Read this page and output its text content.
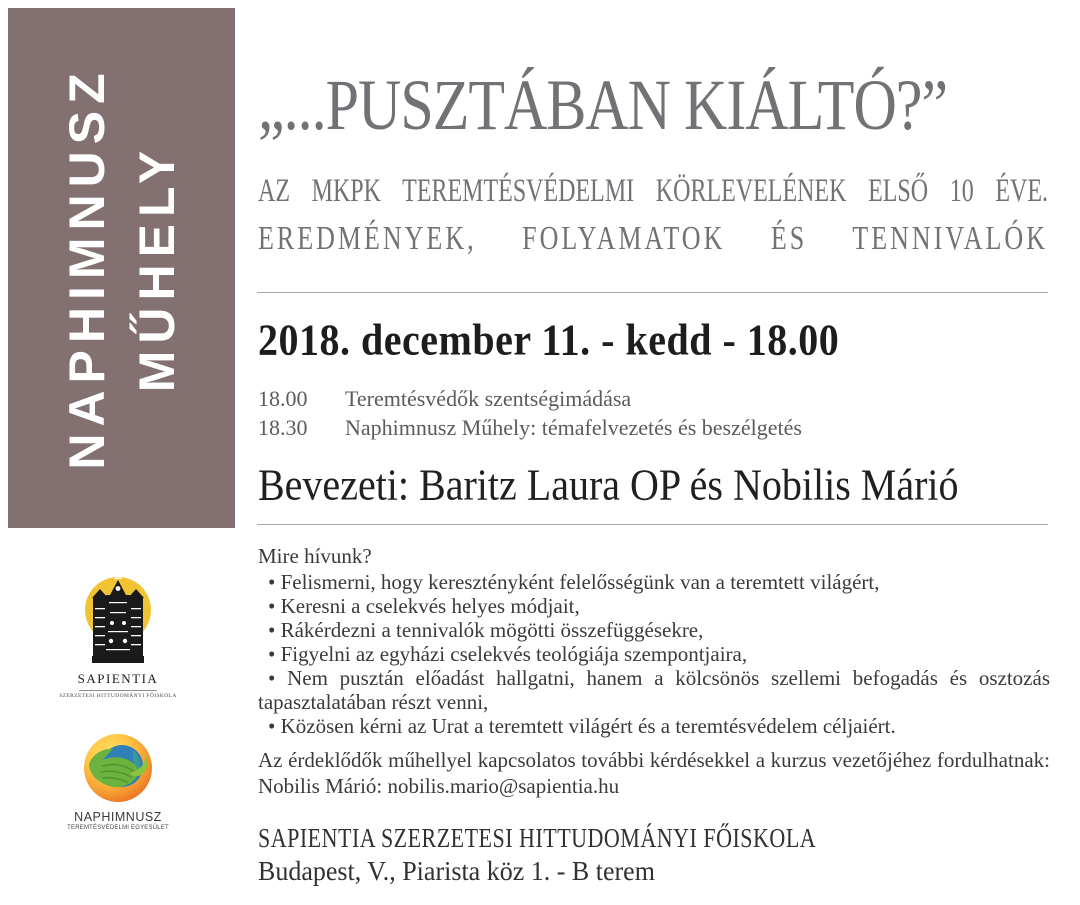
NAPHIMNUSZ MŰHELY
„...PUSZTÁBAN KIÁLTÓ?”
AZ MKPK TEREMTÉSVÉDELMI KÖRLEVELÉNEK ELSŐ 10 ÉVE.
EREDMÉNYEK, FOLYAMATOK ÉS TENNIVALÓK
2018. december 11. - kedd - 18.00
18.00 Teremtésvédők szentségimádása
18.30 Naphimnusz Műhely: témafelvezetés és beszélgetés
Bevezeti: Baritz Laura OP és Nobilis Márió
Mire hívunk?

• Felismerni, hogy keresztényként felelősségünk van a teremtett világért,

• Keresni a cselekvés helyes módjait,

• Rákérdezni a tennivalók mögötti összefüggésekre,

• Figyelni az egyházi cselekvés teológiája szempontjaira,

• Nem pusztán előadást hallgatni, hanem a kölcsönös szellemi befogadás és osztozás tapasztalatában részt venni,

• Közösen kérni az Urat a teremtett világért és a teremtésvédelem céljaiért.

Az érdeklődők műhellyel kapcsolatos további kérdésekkel a kurzus vezetőjéhez fordulhatnak: Nobilis Márió: nobilis.mario@sapientia.hu
SAPIENTIA SZERZETESI HITTUDOMÁNYI FŐISKOLA
Budapest, V., Piarista köz 1. - B terem
SAPIENTIA
SZERZETESI HITTUDOMÁNYI FŐISKOLA
NAPHIMNUSZ
TEREMTÉSVÉDELMI EGYESÜLET
